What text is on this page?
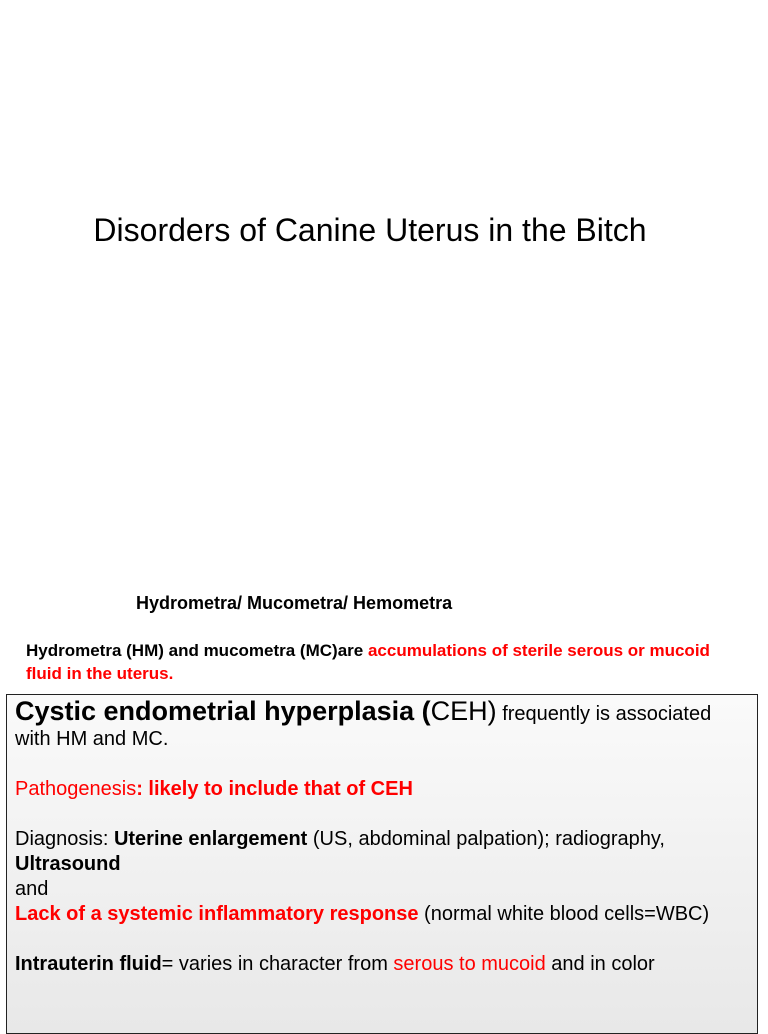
Disorders of Canine Uterus in the Bitch
Hydrometra/ Mucometra/ Hemometra
Hydrometra (HM) and mucometra (MC)are accumulations of sterile serous or mucoid fluid in the uterus.

Cystic endometrial hyperplasia (CEH) frequently is associated with HM and MC.

Pathogenesis: likely to include that of CEH

Diagnosis: Uterine enlargement (US, abdominal palpation); radiography,

Ultrasound

and

Lack of a systemic inflammatory response (normal white blood cells=WBC)

Intrauterin fluid= varies in character from serous to mucoid and in color
